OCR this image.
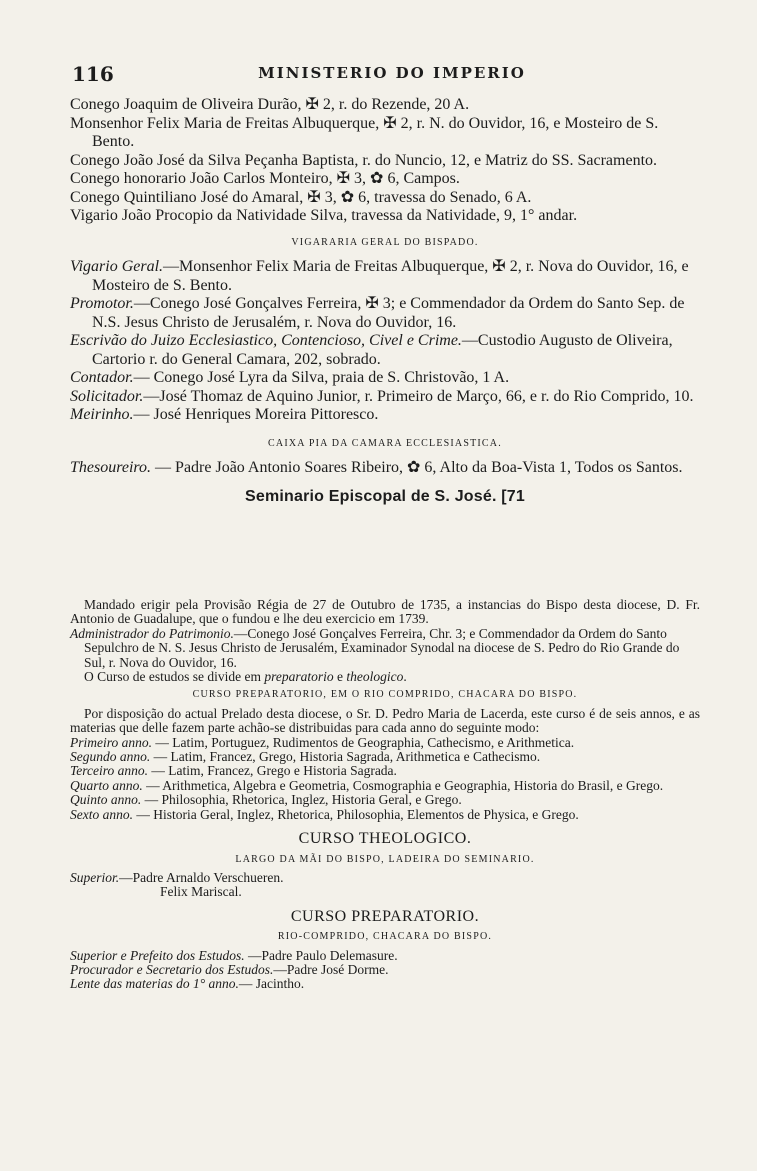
116	MINISTERIO DO IMPERIO

Conego Joaquim de Oliveira Durão, ✠ 2, r. do Rezende, 20 A.

Monsenhor Felix Maria de Freitas Albuquerque, ✠ 2, r. N. do Ouvidor, 16, e Mosteiro de S. Bento.

Conego João José da Silva Peçanha Baptista, r. do Nuncio, 12, e Matriz do SS. Sacramento.

Conego honorario João Carlos Monteiro, ✠ 3, ✿ 6, Campos.

Conego Quintiliano José do Amaral, ✠ 3, ✿ 6, travessa do Senado, 6 A.

Vigario João Procopio da Natividade Silva, travessa da Natividade, 9, 1° andar.

VIGARARIA GERAL DO BISPADO.

Vigario Geral.—Monsenhor Felix Maria de Freitas Albuquerque, ✠ 2, r. Nova do Ouvidor, 16, e Mosteiro de S. Bento.

Promotor.—Conego José Gonçalves Ferreira, ✠ 3; e Commendador da Ordem do Santo Sep. de N.S. Jesus Christo de Jerusalém, r. Nova do Ouvidor, 16.

Escrivão do Juizo Ecclesiastico, Contencioso, Civel e Crime.—Custodio Augusto de Oliveira, Cartorio r. do General Camara, 202, sobrado.

Contador.— Conego José Lyra da Silva, praia de S. Christovão, 1 A.

Solicitador.—José Thomaz de Aquino Junior, r. Primeiro de Março, 66, e r. do Rio Comprido, 10.

Meirinho.— José Henriques Moreira Pittoresco.

CAIXA PIA DA CAMARA ECCLESIASTICA.

Thesoureiro. — Padre João Antonio Soares Ribeiro, ✿ 6, Alto da Boa-Vista 1, Todos os Santos.

Seminario Episcopal de S. José. [71

Mandado erigir pela Provisão Régia de 27 de Outubro de 1735, a instancias do Bispo desta diocese, D. Fr. Antonio de Guadalupe, que o fundou e lhe deu exercicio em 1739.

Administrador do Patrimonio.—Conego José Gonçalves Ferreira, Chr. 3; e Commendador da Ordem do Santo Sepulchro de N. S. Jesus Christo de Jerusalém, Examinador Synodal na diocese de S. Pedro do Rio Grande do Sul, r. Nova do Ouvidor, 16.

O Curso de estudos se divide em preparatorio e theologico.

CURSO PREPARATORIO, EM O RIO COMPRIDO, CHACARA DO BISPO.

Por disposição do actual Prelado desta diocese, o Sr. D. Pedro Maria de Lacerda, este curso é de seis annos, e as materias que delle fazem parte achão-se distribuidas para cada anno do seguinte modo:

Primeiro anno. — Latim, Portuguez, Rudimentos de Geographia, Cathecismo, e Arithmetica.

Segundo anno. — Latim, Francez, Grego, Historia Sagrada, Arithmetica e Cathecismo.

Terceiro anno. — Latim, Francez, Grego e Historia Sagrada.

Quarto anno. — Arithmetica, Algebra e Geometria, Cosmographia e Geographia, Historia do Brasil, e Grego.

Quinto anno. — Philosophia, Rhetorica, Inglez, Historia Geral, e Grego.

Sexto anno. — Historia Geral, Inglez, Rhetorica, Philosophia, Elementos de Physica, e Grego.

CURSO THEOLOGICO.

LARGO DA MÃI DO BISPO, LADEIRA DO SEMINARIO.

Superior.—Padre Arnaldo Verschueren.

Felix Mariscal.

CURSO PREPARATORIO.

RIO-COMPRIDO, CHACARA DO BISPO.

Superior e Prefeito dos Estudos. —Padre Paulo Delemasure.

Procurador e Secretario dos Estudos.—Padre José Dorme.

Lente das materias do 1° anno.— Jacintho.
